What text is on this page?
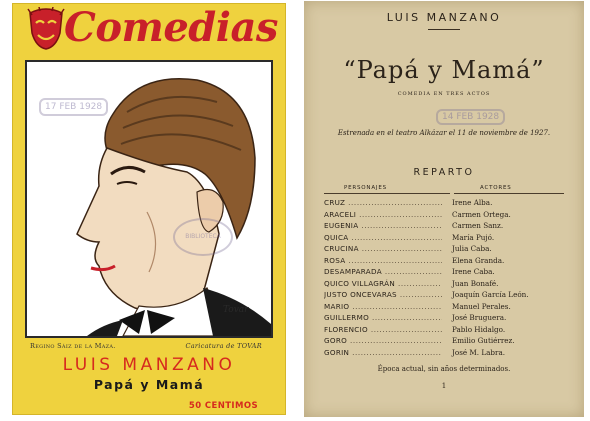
Comedias
Tovar
17 FEB 1928
BIBLIOTECA
Regino Sáiz de la Maza.	Caricatura de TOVAR
LUIS MANZANO
Papá y Mamá
50 CENTIMOS
LUIS MANZANO
“Papá y Mamá”
COMEDIA EN TRES ACTOS
14 FEB 1928
Estrenada en el teatro Alkázar el 11 de noviembre de 1927.
REPARTO
PERSONAJES	ACTORES
CRUZ .....	Irene Alba.
ARACELI .....	Carmen Ortega.
EUGENIA .....	Carmen Sanz.
QUICA .....	María Pujó.
CRUCINA .....	Julia Caba.
ROSA .....	Elena Granda.
DESAMPARADA .....	Irene Caba.
QUICO VILLAGRÁN .....	Juan Bonafé.
JUSTO ONCEVARAS .....	Joaquín García León.
MARIO .....	Manuel Perales.
GUILLERMO .....	José Bruguera.
FLORENCIO .....	Pablo Hidalgo.
GORO .....	Emilio Gutiérrez.
GORIN .....	José M. Labra.
Época actual, sin años determinados.
1
